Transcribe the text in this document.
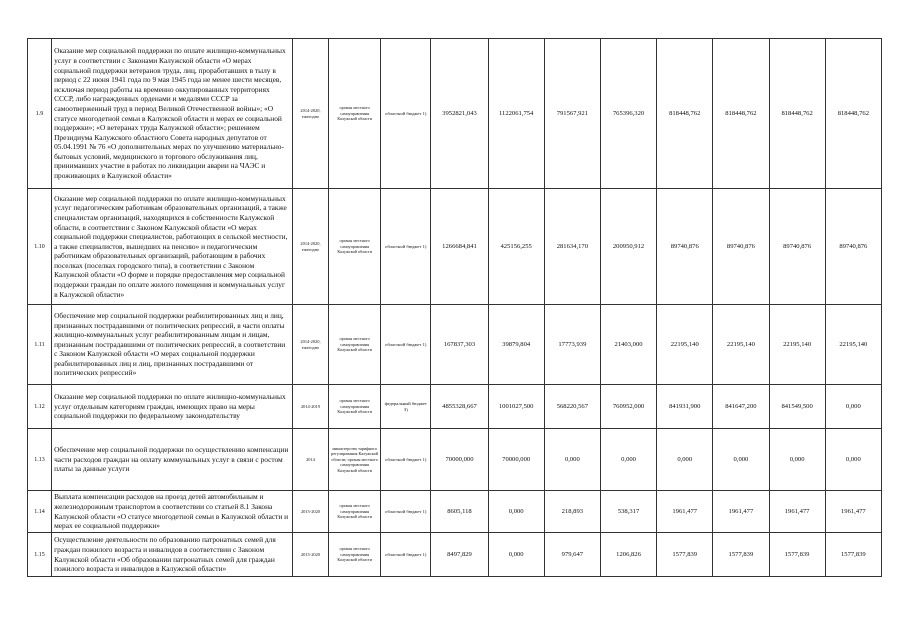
1.9	Оказание мер социальной поддержки по оплате жилищно-коммунальных услуг в соответствии с Законами Калужской области «О мерах социальной поддержки ветеранов труда, лиц, проработавших в тылу в период с 22 июня 1941 года по 9 мая 1945 года не менее шести месяцев, исключая период работы на временно оккупированных территориях СССР, либо награжденных орденами и медалями СССР за самоотверженный труд в период Великой Отечественной войны»; «О статусе многодетной семьи в Калужской области и мерах ее социальной поддержки»; «О ветеранах труда Калужской области»; решением Президиума Калужского областного Совета народных депутатов от 05.04.1991 № 76 «О дополнительных мерах по улучшению материально-бытовых условий, медицинского и торгового обслуживания лиц, принимавших участие в работах по ликвидации аварии на ЧАЭС и проживающих в Калужской области»	2014-2020, ежегодно	органы местного самоуправления Калужской области	областной бюджет 1)	3952821,043	1122061,754	791567,921	765396,320	818448,762	818448,762	818448,762	818448,762
1.10	Оказание мер социальной поддержки по оплате жилищно-коммунальных услуг педагогическим работникам образовательных организаций, а также специалистам организаций, находящихся в собственности Калужской области, в соответствии с Законом Калужской области «О мерах социальной поддержки специалистов, работающих в сельской местности, а также специалистов, вышедших на пенсию» и педагогическим работникам образовательных организаций, работающим в рабочих поселках (поселках городского типа), в соответствии с Законом Калужской области «О форме и порядке предоставления мер социальной поддержки граждан по оплате жилого помещения и коммунальных услуг в Калужской области»	2014-2020, ежегодно	органы местного самоуправления Калужской области	областной бюджет 1)	1266684,841	425156,255	281634,170	200950,912	89740,876	89740,876	89740,876	89740,876
1.11	Обеспечение мер социальной поддержки реабилитированных лиц и лиц, признанных пострадавшими от политических репрессий, в части оплаты жилищно-коммунальных услуг реабилитированным лицам и лицам, признанным пострадавшими от политических репрессий, в соответствии с Законом Калужской области «О мерах социальной поддержки реабилитированных лиц и лиц, признанных пострадавшими от политических репрессий»	2014-2020, ежегодно	органы местного самоуправления Калужской области	областной бюджет 1)	167837,303	39879,804	17773,939	21403,000	22195,140	22195,140	22195,140	22195,140
1.12	Оказание мер социальной поддержки по оплате жилищно-коммунальных услуг отдельным категориям граждан, имеющих право на меры социальной поддержки по федеральному законодательству	2014-2019	органы местного самоуправления Калужской области	федеральный бюджет 3)	4855328,667	1001027,500	568220,567	760952,000	841931,900	841647,200	841549,500	0,000
1.13	Обеспечение мер социальной поддержки по осуществлению компенсации части расходов граждан на оплату коммунальных услуг в связи с ростом платы за данные услуги	2014	министерство тарифного регулирования Калужской области; органы местного самоуправления Калужской области	областной бюджет 1)	70000,000	70000,000	0,000	0,000	0,000	0,000	0,000	0,000
1.14	Выплата компенсации расходов на проезд детей автомобильным и железнодорожным транспортом в соответствии со статьей 8.1 Закона Калужской области «О статусе многодетной семьи в Калужской области и мерах ее социальной поддержки»	2015-2020	органы местного самоуправления Калужской области	областной бюджет 1)	8605,118	0,000	218,893	538,317	1961,477	1961,477	1961,477	1961,477
1.15	Осуществление деятельности по образованию патронатных семей для граждан пожилого возраста и инвалидов в соответствии с Законом Калужской области «Об образовании патронатных семей для граждан пожилого возраста и инвалидов в Калужской области»	2015-2020	органы местного самоуправления Калужской области	областной бюджет 1)	8497,829	0,000	979,647	1206,826	1577,839	1577,839	1577,839	1577,839
